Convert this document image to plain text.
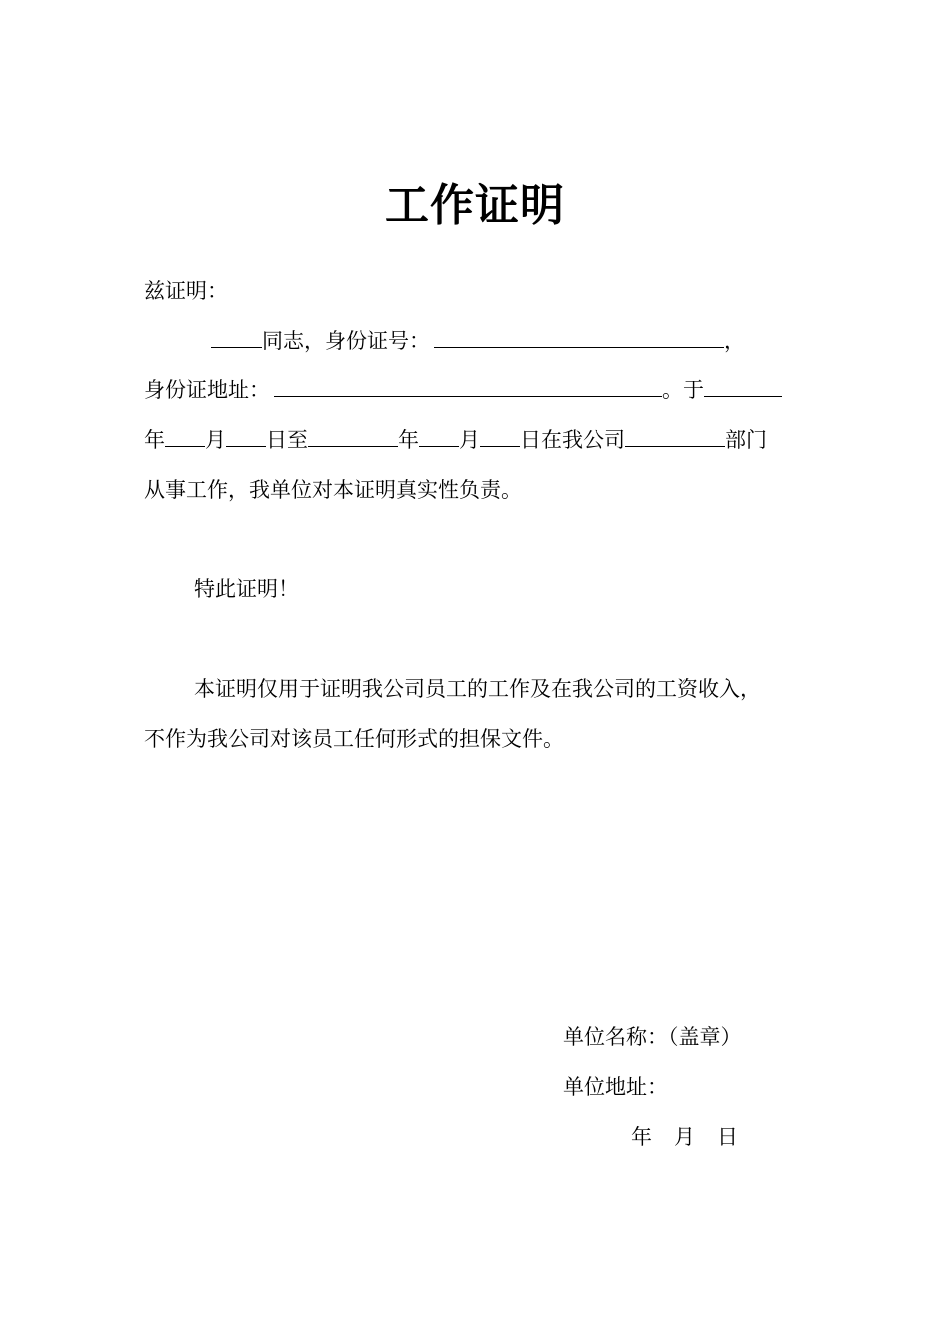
工作证明
兹证明：
同志，身份证号：	，
身份证地址：	。于
年 月 日至	年 月 日在我公司	部门
从事工作，我单位对本证明真实性负责。
特此证明！
本证明仅用于证明我公司员工的工作及在我公司的工资收入，
不作为我公司对该员工任何形式的担保文件。
单位名称：（盖章）
单位地址：
年 月 日
